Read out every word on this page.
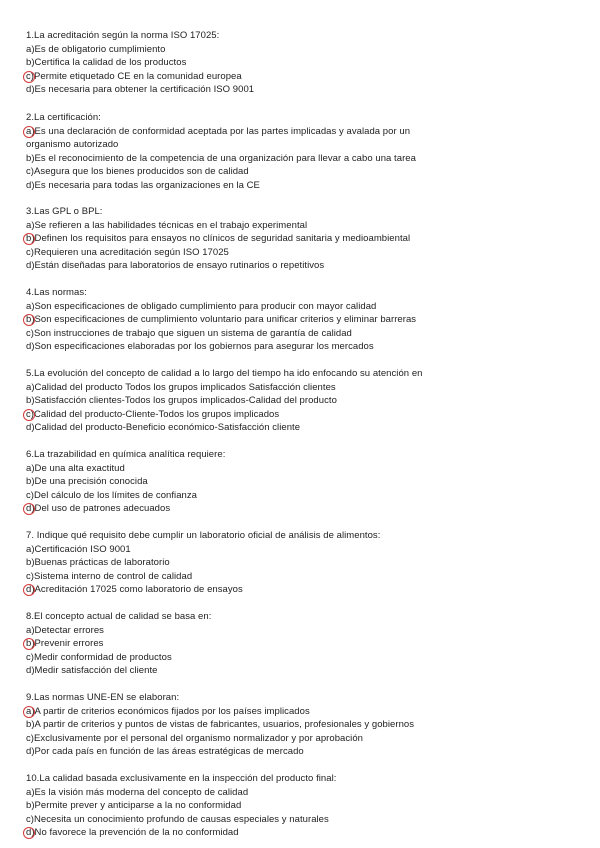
1.La acreditación según la norma ISO 17025:
a)Es de obligatorio cumplimiento
b)Certifica la calidad de los productos
c)Permite etiquetado CE en la comunidad europea
d)Es necesaria para obtener la certificación ISO 9001
2.La certificación:
a)Es una declaración de conformidad aceptada por las partes implicadas y avalada por un organismo autorizado
b)Es el reconocimiento de la competencia de una organización para llevar a cabo una tarea
c)Asegura que los bienes producidos son de calidad
d)Es necesaria para todas las organizaciones en la CE
3.Las GPL o BPL:
a)Se refieren a las habilidades técnicas en el trabajo experimental
b)Definen los requisitos para ensayos no clínicos de seguridad sanitaria y medioambiental
c)Requieren una acreditación según ISO 17025
d)Están diseñadas para laboratorios de ensayo rutinarios o repetitivos
4.Las normas:
a)Son especificaciones de obligado cumplimiento para producir con mayor calidad
b)Son especificaciones de cumplimiento voluntario para unificar criterios y eliminar barreras
c)Son instrucciones de trabajo que siguen un sistema de garantía de calidad
d)Son especificaciones elaboradas por los gobiernos para asegurar los mercados
5.La evolución del concepto de calidad a lo largo del tiempo ha ido enfocando su atención en
a)Calidad del producto Todos los grupos implicados Satisfacción clientes
b)Satisfacción clientes-Todos los grupos implicados-Calidad del producto
c)Calidad del producto-Cliente-Todos los grupos implicados
d)Calidad del producto-Beneficio económico-Satisfacción cliente
6.La trazabilidad en química analítica requiere:
a)De una alta exactitud
b)De una precisión conocida
c)Del cálculo de los límites de confianza
d)Del uso de patrones adecuados
7. Indique qué requisito debe cumplir un laboratorio oficial de análisis de alimentos:
a)Certificación ISO 9001
b)Buenas prácticas de laboratorio
c)Sistema interno de control de calidad
d)Acreditación 17025 como laboratorio de ensayos
8.El concepto actual de calidad se basa en:
a)Detectar errores
b)Prevenir errores
c)Medir conformidad de productos
d)Medir satisfacción del cliente
9.Las normas UNE-EN se elaboran:
a)A partir de criterios económicos fijados por los países implicados
b)A partir de criterios y puntos de vistas de fabricantes, usuarios, profesionales y gobiernos
c)Exclusivamente por el personal del organismo normalizador y por aprobación
d)Por cada país en función de las áreas estratégicas de mercado
10.La calidad basada exclusivamente en la inspección del producto final:
a)Es la visión más moderna del concepto de calidad
b)Permite prever y anticiparse a la no conformidad
c)Necesita un conocimiento profundo de causas especiales y naturales
d)No favorece la prevención de la no conformidad
